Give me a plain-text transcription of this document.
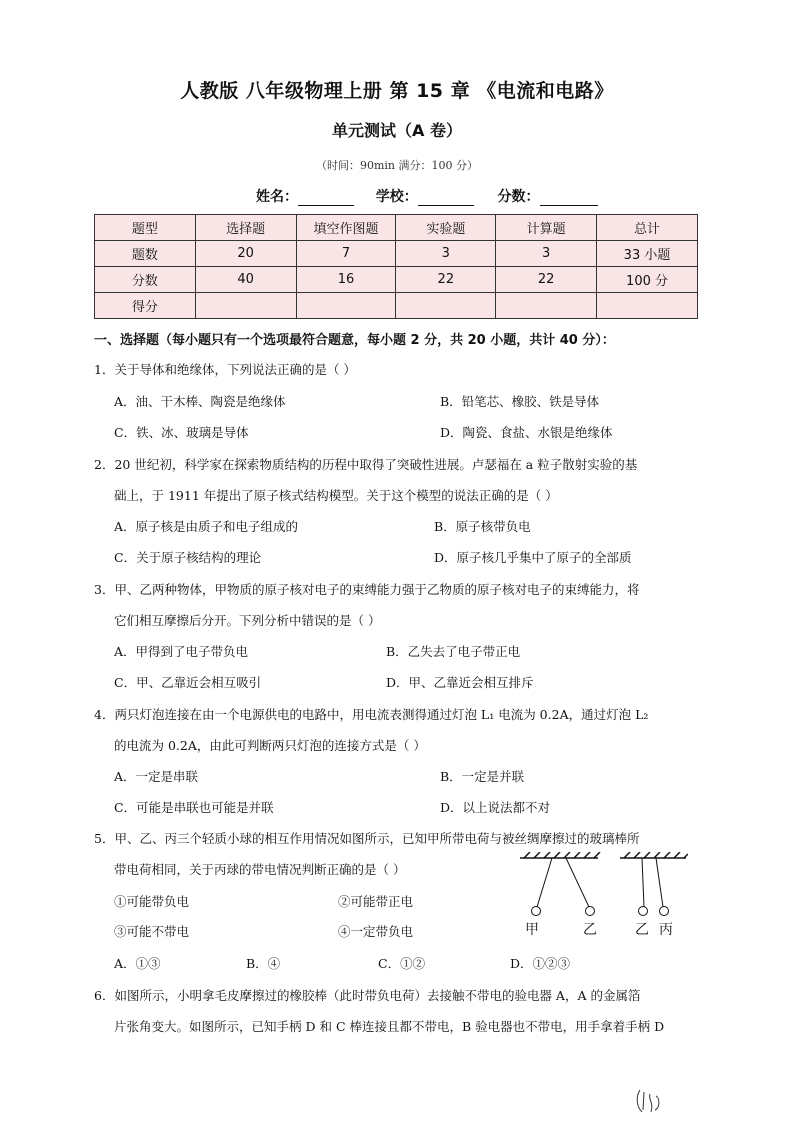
人教版 八年级物理上册 第 15 章 《电流和电路》
单元测试（A 卷）
（时间：90min 满分：100 分）
姓名：	学校：	分数：
题型	选择题	填空作图题	实验题	计算题	总计
题数	20	7	3	3	33 小题
分数	40	16	22	22	100 分
得分					
一、选择题（每小题只有一个选项最符合题意，每小题 2 分，共 20 小题，共计 40 分）：
1．关于导体和绝缘体，下列说法正确的是（ ）
A．油、干木棒、陶瓷是绝缘体	B．铅笔芯、橡胶、铁是导体
C．铁、冰、玻璃是导体	D．陶瓷、食盐、水银是绝缘体
2．20 世纪初，科学家在探索物质结构的历程中取得了突破性进展。卢瑟福在 a 粒子散射实验的基
础上，于 1911 年提出了原子核式结构模型。关于这个模型的说法正确的是（ ）
A．原子核是由质子和电子组成的	B．原子核带负电
C．关于原子核结构的理论	D．原子核几乎集中了原子的全部质
3．甲、乙两种物体，甲物质的原子核对电子的束缚能力强于乙物质的原子核对电子的束缚能力，将
它们相互摩擦后分开。下列分析中错误的是（ ）
A．甲得到了电子带负电	B．乙失去了电子带正电
C．甲、乙靠近会相互吸引	D．甲、乙靠近会相互排斥
4．两只灯泡连接在由一个电源供电的电路中，用电流表测得通过灯泡 L₁ 电流为 0.2A，通过灯泡 L₂
的电流为 0.2A，由此可判断两只灯泡的连接方式是（ ）
A．一定是串联	B．一定是并联
C．可能是串联也可能是并联	D．以上说法都不对
5．甲、乙、丙三个轻质小球的相互作用情况如图所示，已知甲所带电荷与被丝绸摩擦过的玻璃棒所
带电荷相同，关于丙球的带电情况判断正确的是（ ）
①可能带负电	②可能带正电
③可能不带电	④一定带负电
A．①③	B．④	C．①②	D．①②③
甲	乙	乙 丙
6．如图所示，小明拿毛皮摩擦过的橡胶棒（此时带负电荷）去接触不带电的验电器 A，A 的金属箔
片张角变大。如图所示，已知手柄 D 和 C 棒连接且都不带电，B 验电器也不带电，用手拿着手柄 D
